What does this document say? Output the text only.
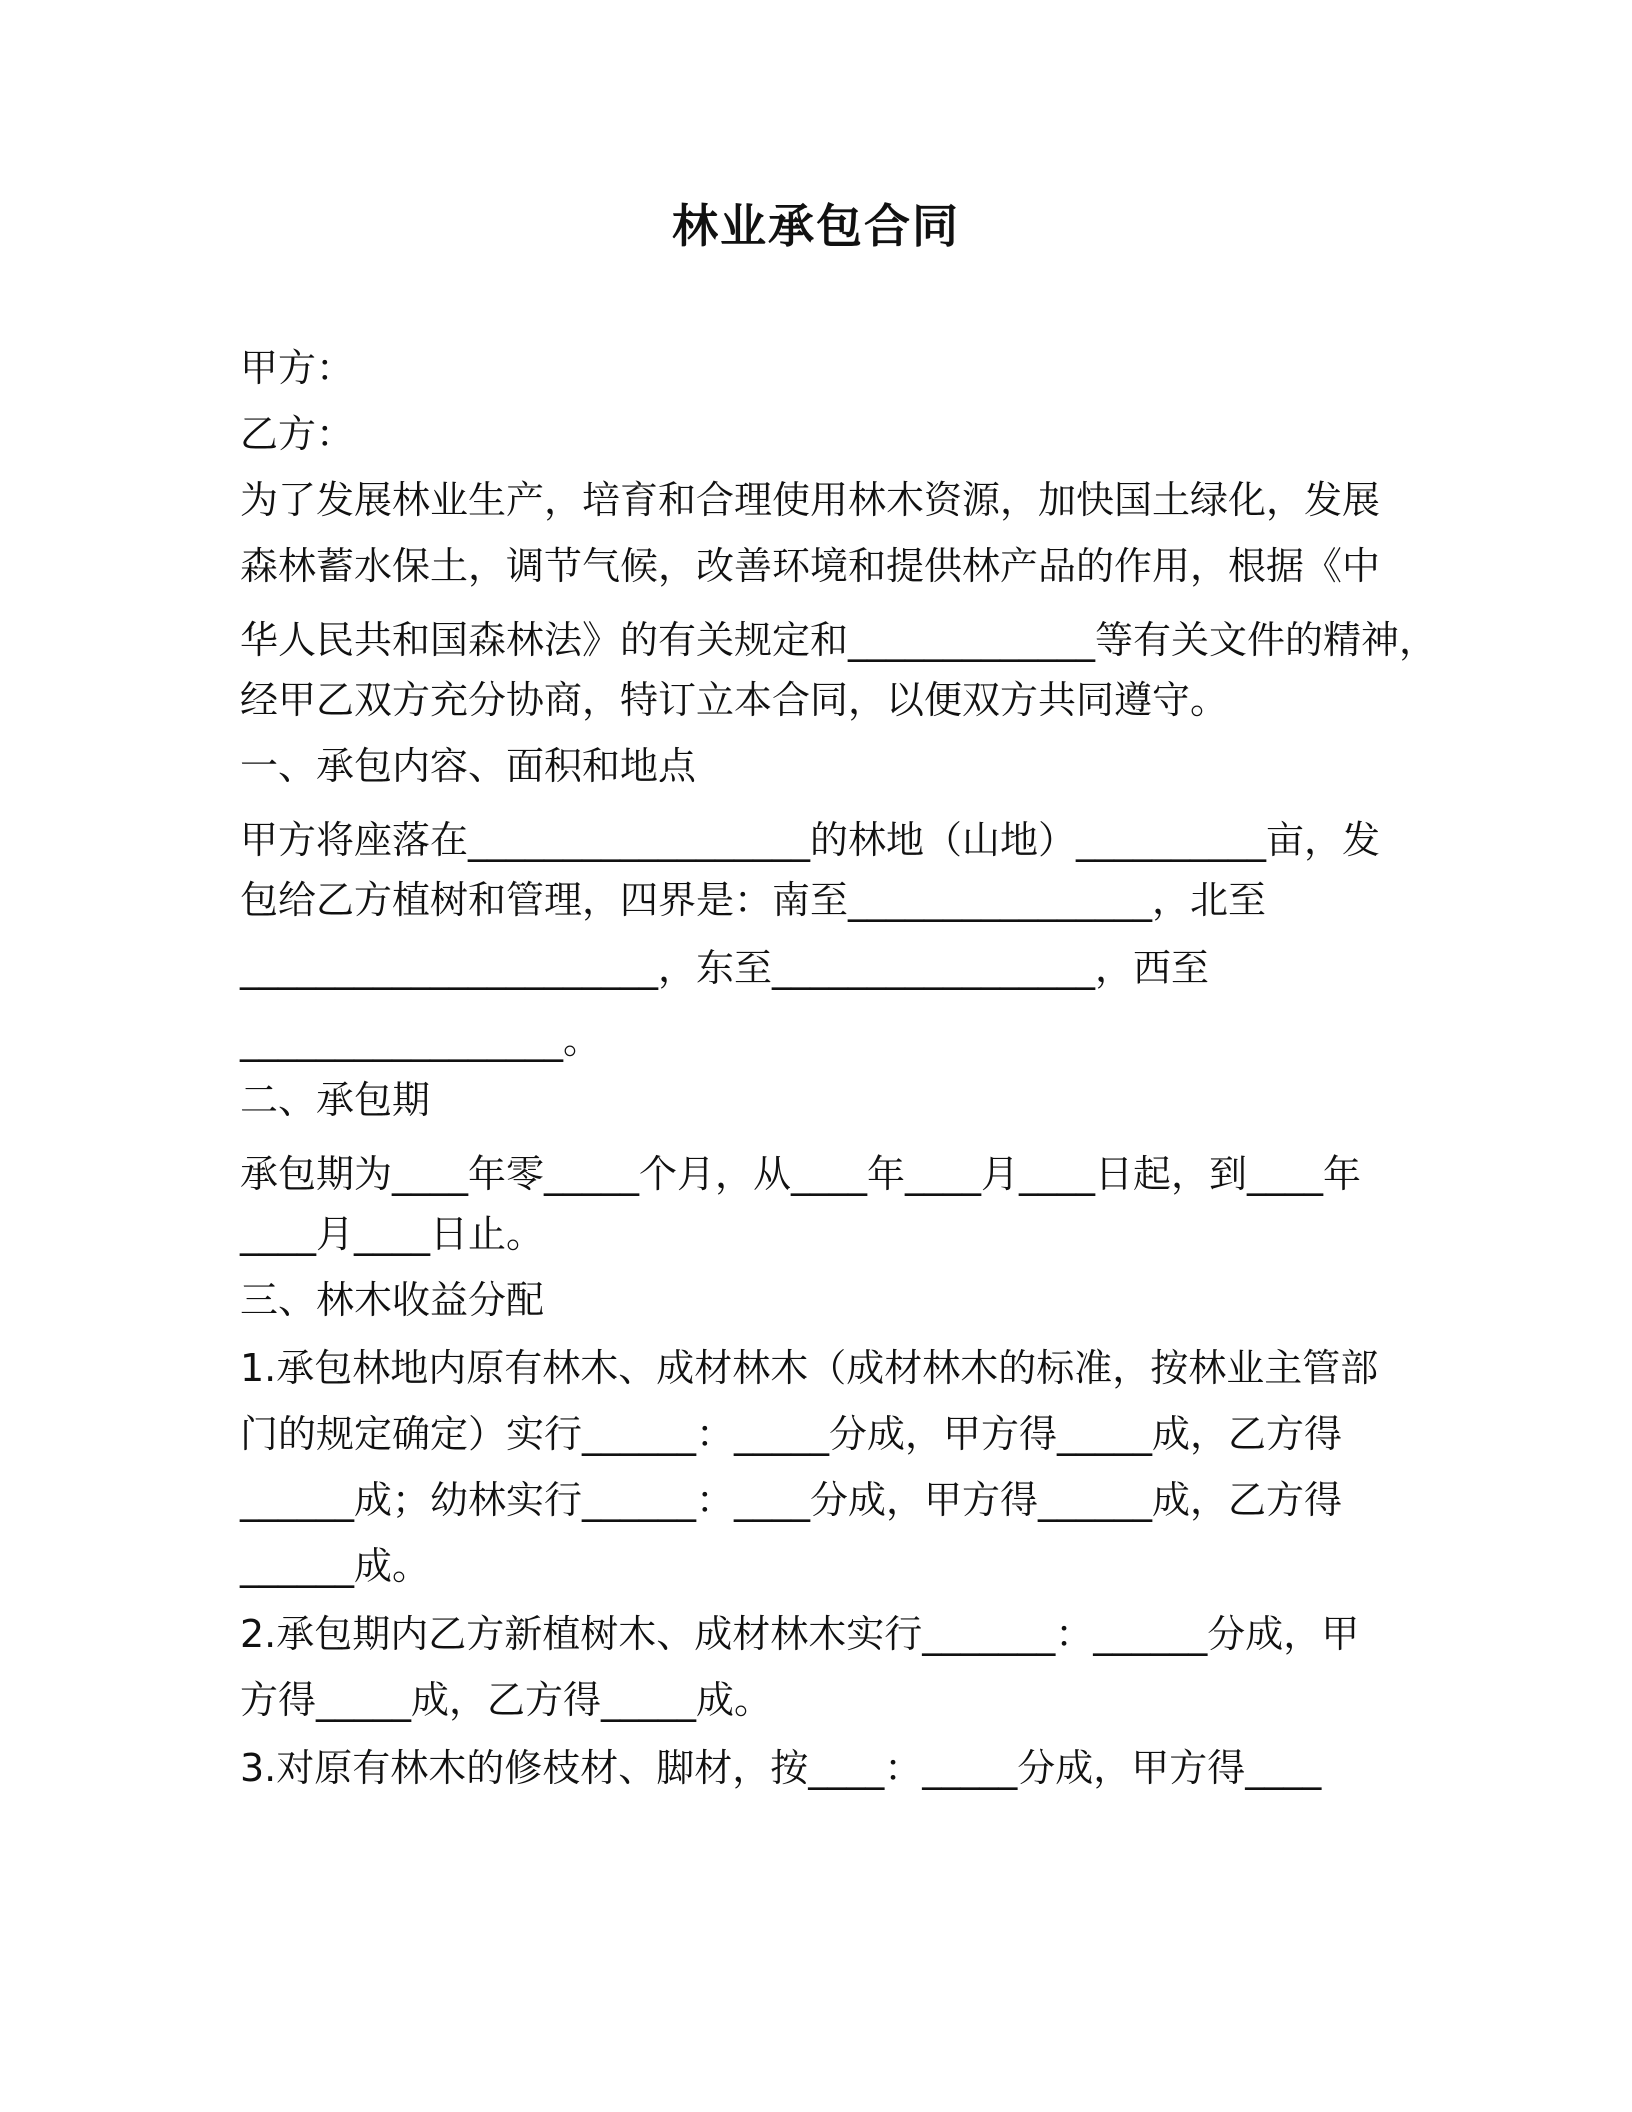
林业承包合同
甲方：
乙方：
为了发展林业生产，培育和合理使用林木资源，加快国土绿化，发展
森林蓄水保土，调节气候，改善环境和提供林产品的作用，根据《中
华人民共和国森林法》的有关规定和_____________等有关文件的精神，
经甲乙双方充分协商，特订立本合同，以便双方共同遵守。
一、承包内容、面积和地点
甲方将座落在__________________的林地（山地）__________亩，发
包给乙方植树和管理，四界是：南至________________，北至
______________________，东至_________________，西至
_________________。
二、承包期
承包期为____年零_____个月，从____年____月____日起，到____年
____月____日止。
三、林木收益分配
1.承包林地内原有林木、成材林木（成材林木的标准，按林业主管部
门的规定确定）实行______：_____分成，甲方得_____成，乙方得
______成；幼林实行______：____分成，甲方得______成，乙方得
______成。
2.承包期内乙方新植树木、成材林木实行_______：______分成，甲
方得_____成，乙方得_____成。
3.对原有林木的修枝材、脚材，按____：_____分成，甲方得____
